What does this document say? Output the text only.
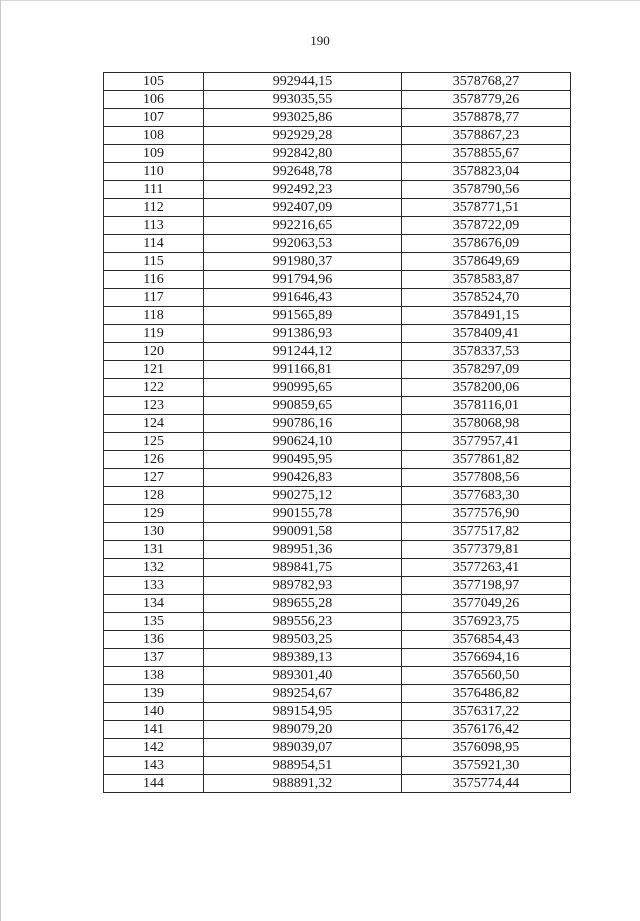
190
105	992944,15	3578768,27
106	993035,55	3578779,26
107	993025,86	3578878,77
108	992929,28	3578867,23
109	992842,80	3578855,67
110	992648,78	3578823,04
111	992492,23	3578790,56
112	992407,09	3578771,51
113	992216,65	3578722,09
114	992063,53	3578676,09
115	991980,37	3578649,69
116	991794,96	3578583,87
117	991646,43	3578524,70
118	991565,89	3578491,15
119	991386,93	3578409,41
120	991244,12	3578337,53
121	991166,81	3578297,09
122	990995,65	3578200,06
123	990859,65	3578116,01
124	990786,16	3578068,98
125	990624,10	3577957,41
126	990495,95	3577861,82
127	990426,83	3577808,56
128	990275,12	3577683,30
129	990155,78	3577576,90
130	990091,58	3577517,82
131	989951,36	3577379,81
132	989841,75	3577263,41
133	989782,93	3577198,97
134	989655,28	3577049,26
135	989556,23	3576923,75
136	989503,25	3576854,43
137	989389,13	3576694,16
138	989301,40	3576560,50
139	989254,67	3576486,82
140	989154,95	3576317,22
141	989079,20	3576176,42
142	989039,07	3576098,95
143	988954,51	3575921,30
144	988891,32	3575774,44
